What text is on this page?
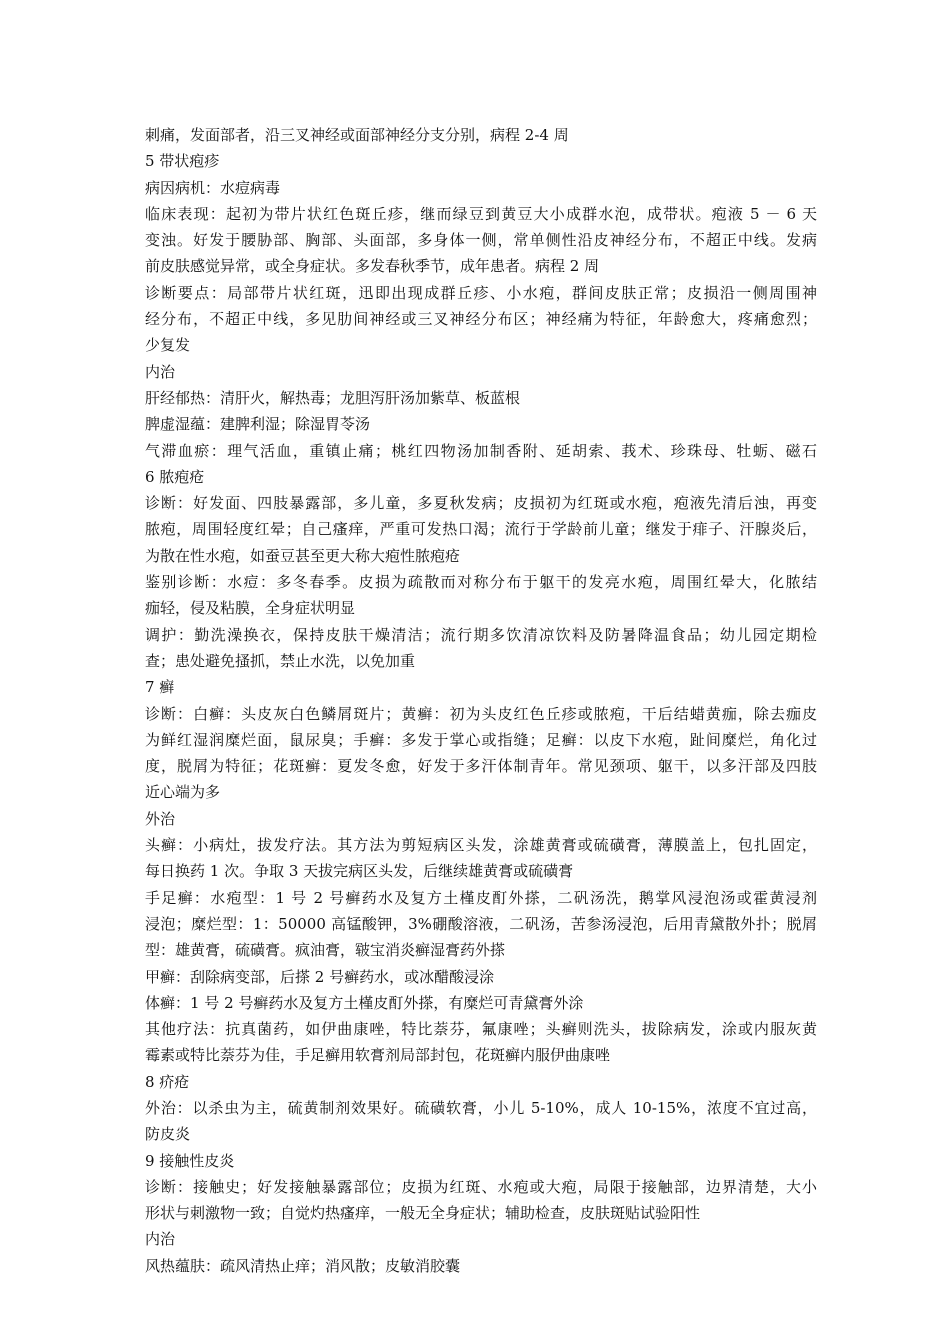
刺痛，发面部者，沿三叉神经或面部神经分支分别，病程 2-4 周

5 带状疱疹

病因病机：水痘病毒

临床表现：起初为带片状红色斑丘疹，继而绿豆到黄豆大小成群水泡，成带状。疱液 5 － 6 天

变浊。好发于腰胁部、胸部、头面部，多身体一侧，常单侧性沿皮神经分布，不超正中线。发病

前皮肤感觉异常，或全身症状。多发春秋季节，成年患者。病程 2 周

诊断要点：局部带片状红斑，迅即出现成群丘疹、小水疱，群间皮肤正常；皮损沿一侧周围神

经分布，不超正中线，多见肋间神经或三叉神经分布区；神经痛为特征，年龄愈大，疼痛愈烈；

少复发

内治

肝经郁热：清肝火，解热毒；龙胆泻肝汤加紫草、板蓝根

脾虚湿蕴：建脾利湿；除湿胃苓汤

气滞血瘀：理气活血，重镇止痛；桃红四物汤加制香附、延胡索、莪术、珍珠母、牡蛎、磁石

6 脓疱疮

诊断：好发面、四肢暴露部，多儿童，多夏秋发病；皮损初为红斑或水疱，疱液先清后浊，再变

脓疱，周围轻度红晕；自己瘙痒，严重可发热口渴；流行于学龄前儿童；继发于痱子、汗腺炎后，

为散在性水疱，如蚕豆甚至更大称大疱性脓疱疮

鉴别诊断：水痘：多冬春季。皮损为疏散而对称分布于躯干的发亮水疱，周围红晕大，化脓结

痂轻，侵及粘膜，全身症状明显

调护：勤洗澡换衣，保持皮肤干燥清洁；流行期多饮清凉饮料及防暑降温食品；幼儿园定期检

查；患处避免搔抓，禁止水洗，以免加重

7 癣

诊断：白癣：头皮灰白色鳞屑斑片；黄癣：初为头皮红色丘疹或脓疱，干后结蜡黄痂，除去痂皮

为鲜红湿润糜烂面，鼠尿臭；手癣：多发于掌心或指缝；足癣：以皮下水疱，趾间糜烂，角化过

度，脱屑为特征；花斑癣：夏发冬愈，好发于多汗体制青年。常见颈项、躯干，以多汗部及四肢

近心端为多

外治

头癣：小病灶，拔发疗法。其方法为剪短病区头发，涂雄黄膏或硫磺膏，薄膜盖上，包扎固定，

每日换药 1 次。争取 3 天拔完病区头发，后继续雄黄膏或硫磺膏

手足癣：水疱型：1 号 2 号癣药水及复方土槿皮酊外搽，二矾汤洗，鹅掌风浸泡汤或霍黄浸剂

浸泡；糜烂型：1：50000 高锰酸钾，3%硼酸溶液，二矾汤，苦参汤浸泡，后用青黛散外扑；脱屑

型：雄黄膏，硫磺膏。疯油膏，皲宝消炎癣湿膏药外搽

甲癣：刮除病变部，后搽 2 号癣药水，或冰醋酸浸涂

体癣：1 号 2 号癣药水及复方土槿皮酊外搽，有糜烂可青黛膏外涂

其他疗法：抗真菌药，如伊曲康唑，特比萘芬，氟康唑；头癣则洗头，拔除病发，涂或内服灰黄

霉素或特比萘芬为佳，手足癣用软膏剂局部封包，花斑癣内服伊曲康唑

8 疥疮

外治：以杀虫为主，硫黄制剂效果好。硫磺软膏，小儿 5-10%，成人 10-15%，浓度不宜过高，

防皮炎

9 接触性皮炎

诊断：接触史；好发接触暴露部位；皮损为红斑、水疱或大疱，局限于接触部，边界清楚，大小

形状与刺激物一致；自觉灼热瘙痒，一般无全身症状；辅助检查，皮肤斑贴试验阳性

内治

风热蕴肤：疏风清热止痒；消风散；皮敏消胶囊
